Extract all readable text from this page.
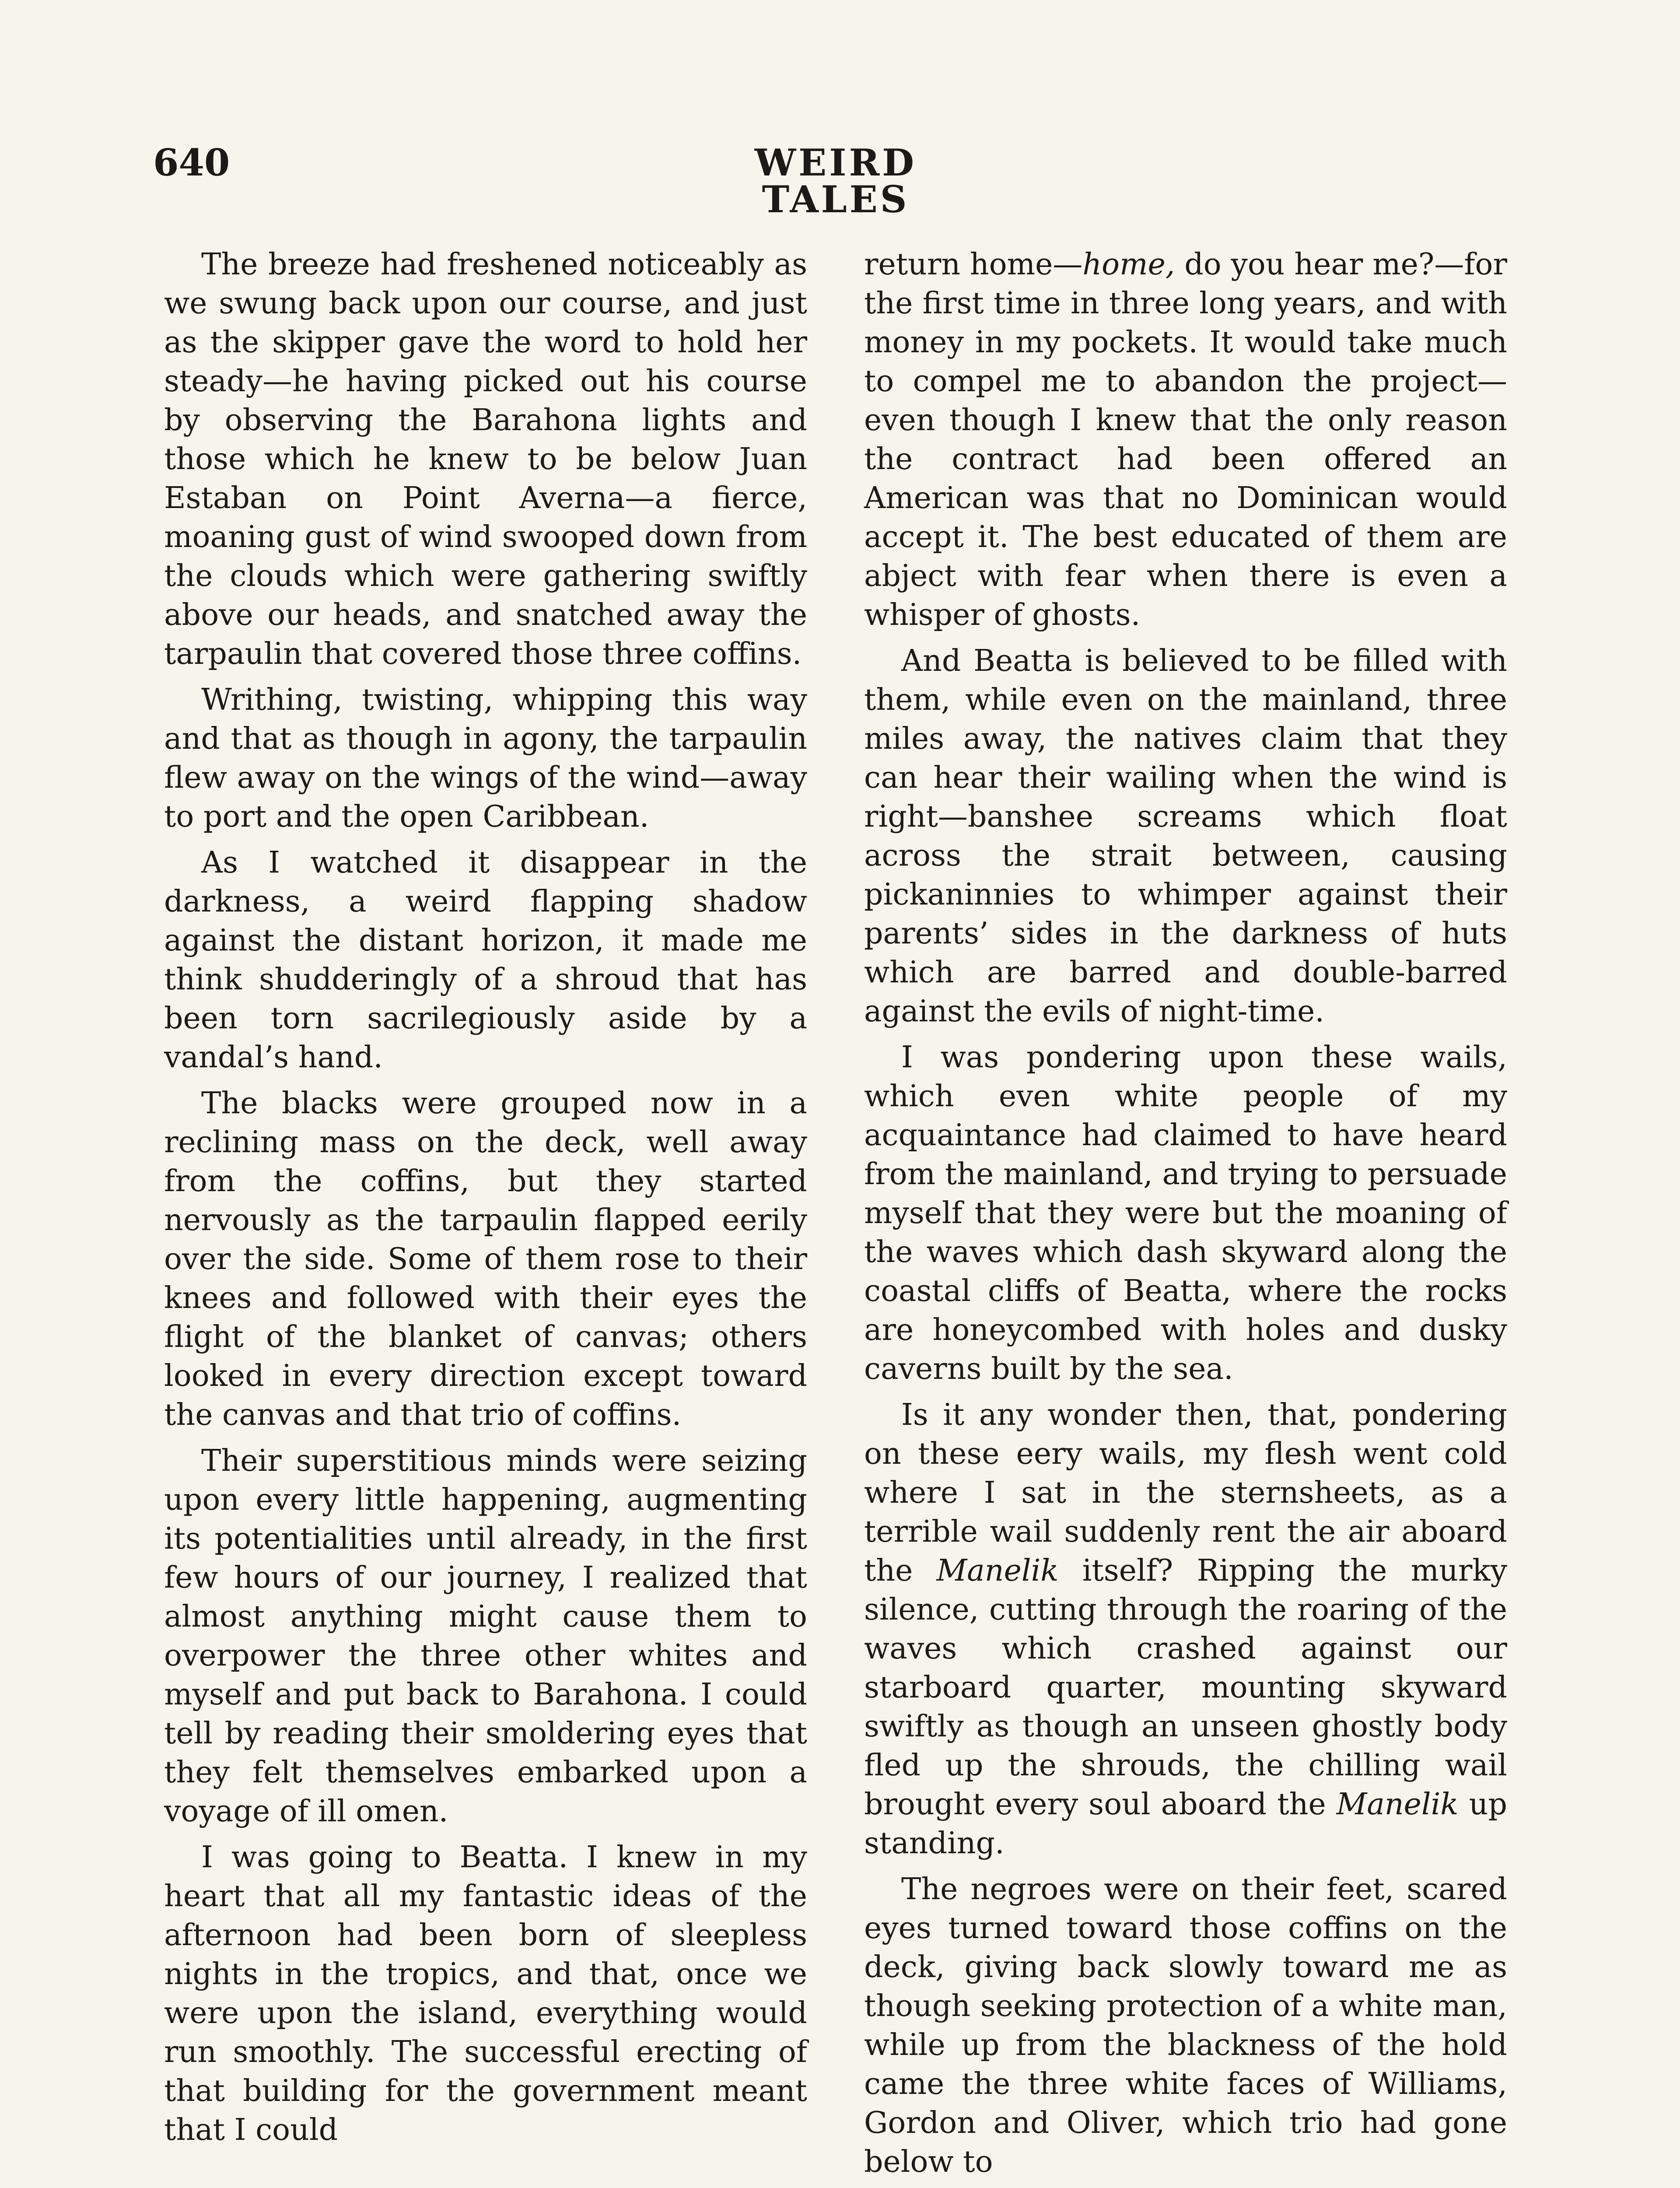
640	WEIRD TALES

The breeze had freshened noticeably as we swung back upon our course, and just as the skipper gave the word to hold her steady—he having picked out his course by observing the Barahona lights and those which he knew to be below Juan Estaban on Point Averna—a fierce, moaning gust of wind swooped down from the clouds which were gathering swiftly above our heads, and snatched away the tarpaulin that covered those three coffins.

Writhing, twisting, whipping this way and that as though in agony, the tarpaulin flew away on the wings of the wind—away to port and the open Caribbean.

As I watched it disappear in the darkness, a weird flapping shadow against the distant horizon, it made me think shudderingly of a shroud that has been torn sacrilegiously aside by a vandal’s hand.

The blacks were grouped now in a reclining mass on the deck, well away from the coffins, but they started nervously as the tarpaulin flapped eerily over the side. Some of them rose to their knees and followed with their eyes the flight of the blanket of canvas; others looked in every direction except toward the canvas and that trio of coffins.

Their superstitious minds were seizing upon every little happening, augmenting its potentialities until already, in the first few hours of our journey, I realized that almost anything might cause them to overpower the three other whites and myself and put back to Barahona. I could tell by reading their smoldering eyes that they felt themselves embarked upon a voyage of ill omen.

I was going to Beatta. I knew in my heart that all my fantastic ideas of the afternoon had been born of sleepless nights in the tropics, and that, once we were upon the island, everything would run smoothly. The successful erecting of that building for the government meant that I could

return home—home, do you hear me?—for the first time in three long years, and with money in my pockets. It would take much to compel me to abandon the project—even though I knew that the only reason the contract had been offered an American was that no Dominican would accept it. The best educated of them are abject with fear when there is even a whisper of ghosts.

And Beatta is believed to be filled with them, while even on the mainland, three miles away, the natives claim that they can hear their wailing when the wind is right—banshee screams which float across the strait between, causing pickaninnies to whimper against their parents’ sides in the darkness of huts which are barred and double-barred against the evils of night-time.

I was pondering upon these wails, which even white people of my acquaintance had claimed to have heard from the mainland, and trying to persuade myself that they were but the moaning of the waves which dash skyward along the coastal cliffs of Beatta, where the rocks are honeycombed with holes and dusky caverns built by the sea.

Is it any wonder then, that, pondering on these eery wails, my flesh went cold where I sat in the sternsheets, as a terrible wail suddenly rent the air aboard the Manelik itself? Ripping the murky silence, cutting through the roaring of the waves which crashed against our starboard quarter, mounting skyward swiftly as though an unseen ghostly body fled up the shrouds, the chilling wail brought every soul aboard the Manelik up standing.

The negroes were on their feet, scared eyes turned toward those coffins on the deck, giving back slowly toward me as though seeking protection of a white man, while up from the blackness of the hold came the three white faces of Williams, Gordon and Oliver, which trio had gone below to
